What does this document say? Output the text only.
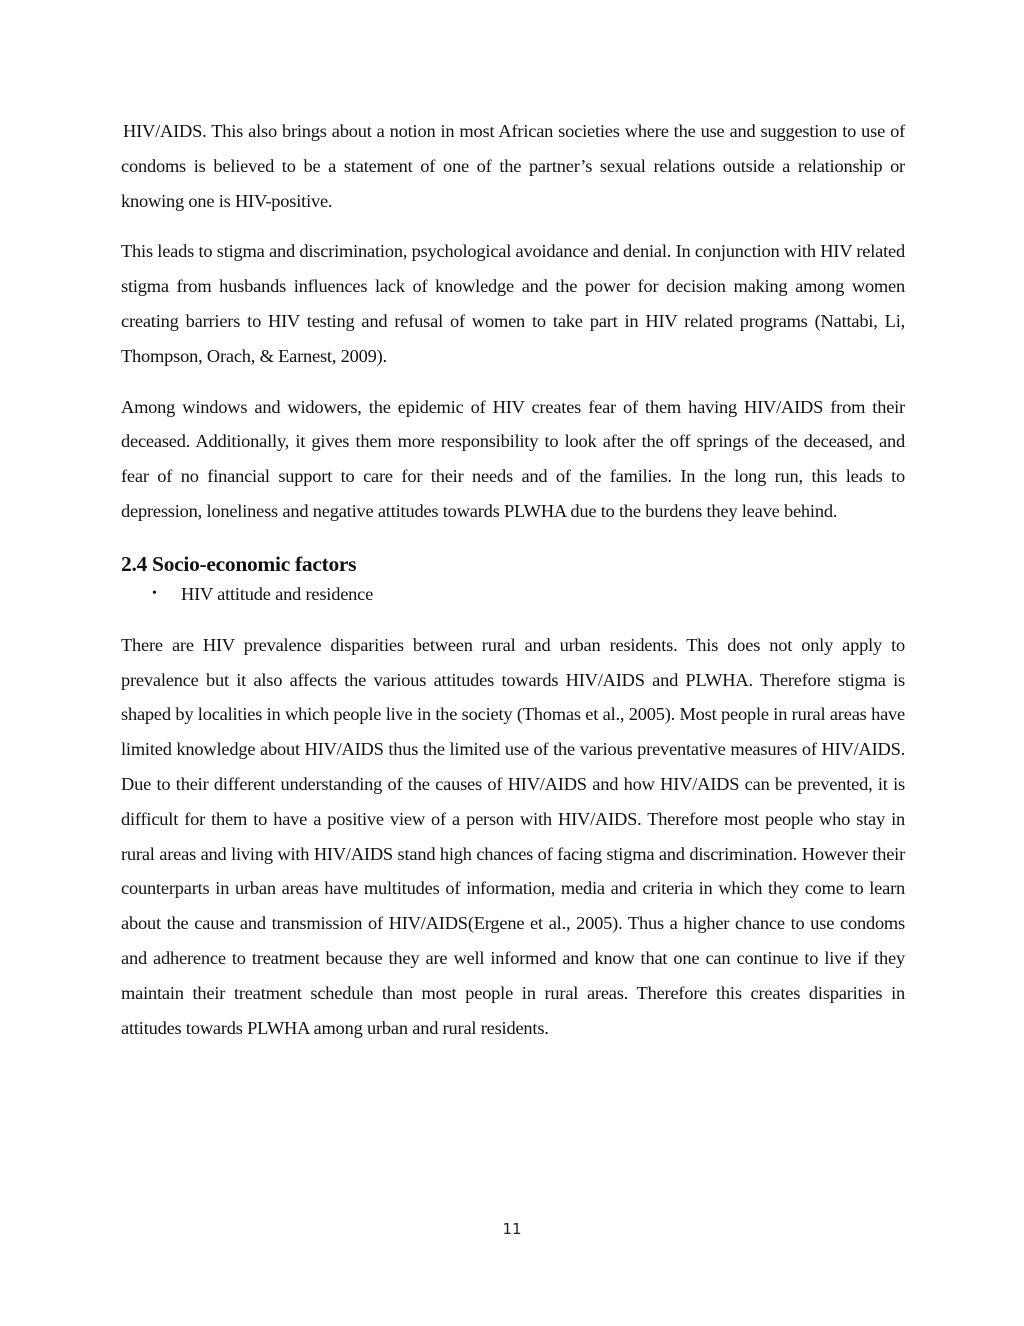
HIV/AIDS. This also brings about a notion in most African societies where the use and suggestion to use of condoms is believed to be a statement of one of the partner’s sexual relations outside a relationship or knowing one is HIV-positive.

This leads to stigma and discrimination, psychological avoidance and denial. In conjunction with HIV related stigma from husbands influences lack of knowledge and the power for decision making among women creating barriers to HIV testing and refusal of women to take part in HIV related programs (Nattabi, Li, Thompson, Orach, & Earnest, 2009).

Among windows and widowers, the epidemic of HIV creates fear of them having HIV/AIDS from their deceased. Additionally, it gives them more responsibility to look after the off springs of the deceased, and fear of no financial support to care for their needs and of the families. In the long run, this leads to depression, loneliness and negative attitudes towards PLWHA due to the burdens they leave behind.

2.4 Socio-economic factors
• HIV attitude and residence

There are HIV prevalence disparities between rural and urban residents. This does not only apply to prevalence but it also affects the various attitudes towards HIV/AIDS and PLWHA. Therefore stigma is shaped by localities in which people live in the society (Thomas et al., 2005). Most people in rural areas have limited knowledge about HIV/AIDS thus the limited use of the various preventative measures of HIV/AIDS. Due to their different understanding of the causes of HIV/AIDS and how HIV/AIDS can be prevented, it is difficult for them to have a positive view of a person with HIV/AIDS. Therefore most people who stay in rural areas and living with HIV/AIDS stand high chances of facing stigma and discrimination. However their counterparts in urban areas have multitudes of information, media and criteria in which they come to learn about the cause and transmission of HIV/AIDS(Ergene et al., 2005). Thus a higher chance to use condoms and adherence to treatment because they are well informed and know that one can continue to live if they maintain their treatment schedule than most people in rural areas. Therefore this creates disparities in attitudes towards PLWHA among urban and rural residents.

11
